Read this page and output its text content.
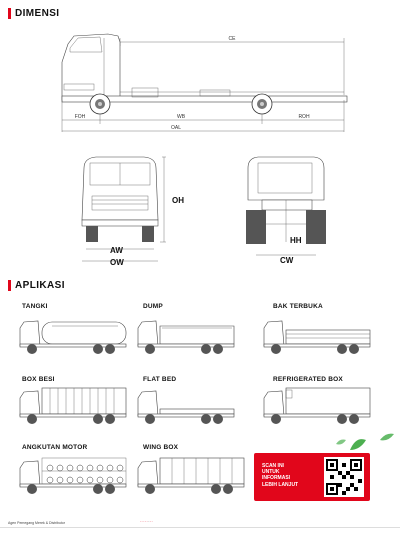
DIMENSI
CE
FOH	WB	ROH
OAL
OH
AW
OW
HH
CW
APLIKASI
TANGKI	DUMP	BAK TERBUKA
BOX BESI	FLAT BED	REFRIGERATED BOX
ANGKUTAN MOTOR	WING BOX
SCAN INI
UNTUK
INFORMASI
LEBIH LANJUT
Agen Pemegang Merek & Distributor
